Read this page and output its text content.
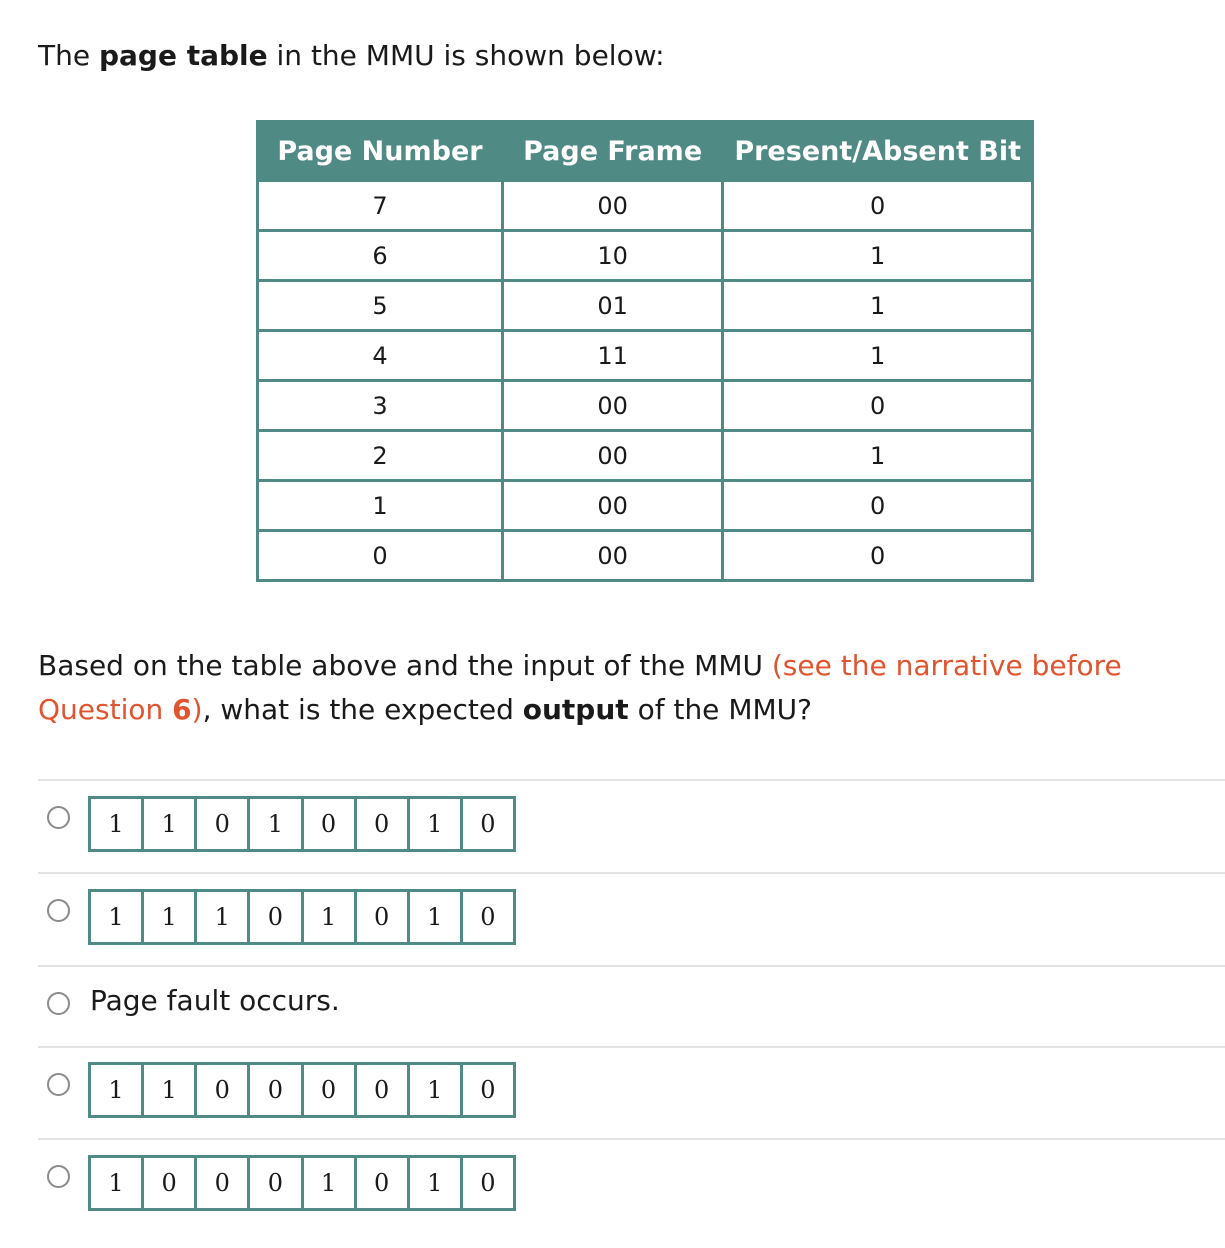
The page table in the MMU is shown below:

Page Number	Page Frame	Present/Absent Bit
7	00	0
6	10	1
5	01	1
4	11	1
3	00	0
2	00	1
1	00	0
0	00	0

Based on the table above and the input of the MMU (see the narrative before Question 6), what is the expected output of the MMU?

1	1	0	1	0	0	1	0
1	1	1	0	1	0	1	0
Page fault occurs.
1	1	0	0	0	0	1	0
1	0	0	0	1	0	1	0
